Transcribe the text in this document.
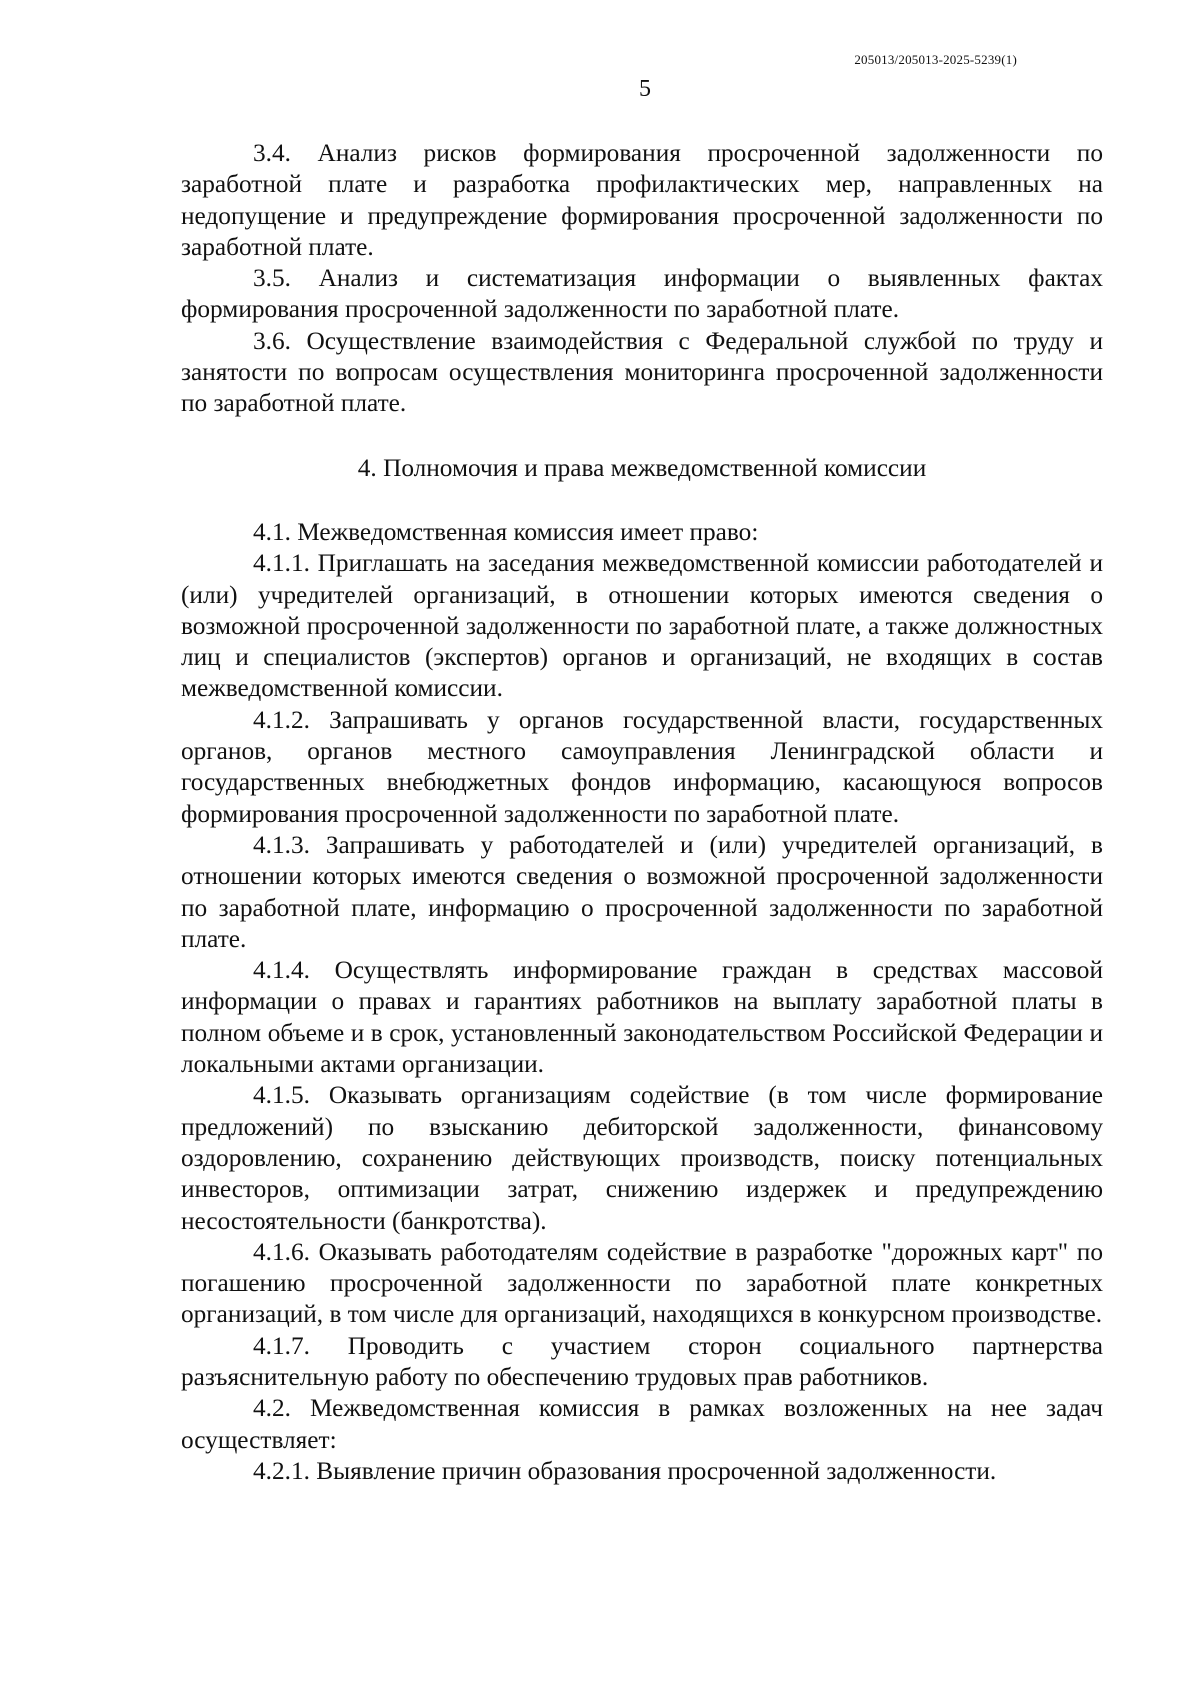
205013/205013-2025-5239(1)
5

3.4. Анализ рисков формирования просроченной задолженности по заработной плате и разработка профилактических мер, направленных на недопущение и предупреждение формирования просроченной задолженности по заработной плате.

3.5. Анализ и систематизация информации о выявленных фактах формирования просроченной задолженности по заработной плате.

3.6. Осуществление взаимодействия с Федеральной службой по труду и занятости по вопросам осуществления мониторинга просроченной задолженности по заработной плате.

4. Полномочия и права межведомственной комиссии

4.1. Межведомственная комиссия имеет право:

4.1.1. Приглашать на заседания межведомственной комиссии работодателей и (или) учредителей организаций, в отношении которых имеются сведения о возможной просроченной задолженности по заработной плате, а также должностных лиц и специалистов (экспертов) органов и организаций, не входящих в состав межведомственной комиссии.

4.1.2. Запрашивать у органов государственной власти, государственных органов, органов местного самоуправления Ленинградской области и государственных внебюджетных фондов информацию, касающуюся вопросов формирования просроченной задолженности по заработной плате.

4.1.3. Запрашивать у работодателей и (или) учредителей организаций, в отношении которых имеются сведения о возможной просроченной задолженности по заработной плате, информацию о просроченной задолженности по заработной плате.

4.1.4. Осуществлять информирование граждан в средствах массовой информации о правах и гарантиях работников на выплату заработной платы в полном объеме и в срок, установленный законодательством Российской Федерации и локальными актами организации.

4.1.5. Оказывать организациям содействие (в том числе формирование предложений) по взысканию дебиторской задолженности, финансовому оздоровлению, сохранению действующих производств, поиску потенциальных инвесторов, оптимизации затрат, снижению издержек и предупреждению несостоятельности (банкротства).

4.1.6. Оказывать работодателям содействие в разработке "дорожных карт" по погашению просроченной задолженности по заработной плате конкретных организаций, в том числе для организаций, находящихся в конкурсном производстве.

4.1.7. Проводить с участием сторон социального партнерства разъяснительную работу по обеспечению трудовых прав работников.

4.2. Межведомственная комиссия в рамках возложенных на нее задач осуществляет:

4.2.1. Выявление причин образования просроченной задолженности.
